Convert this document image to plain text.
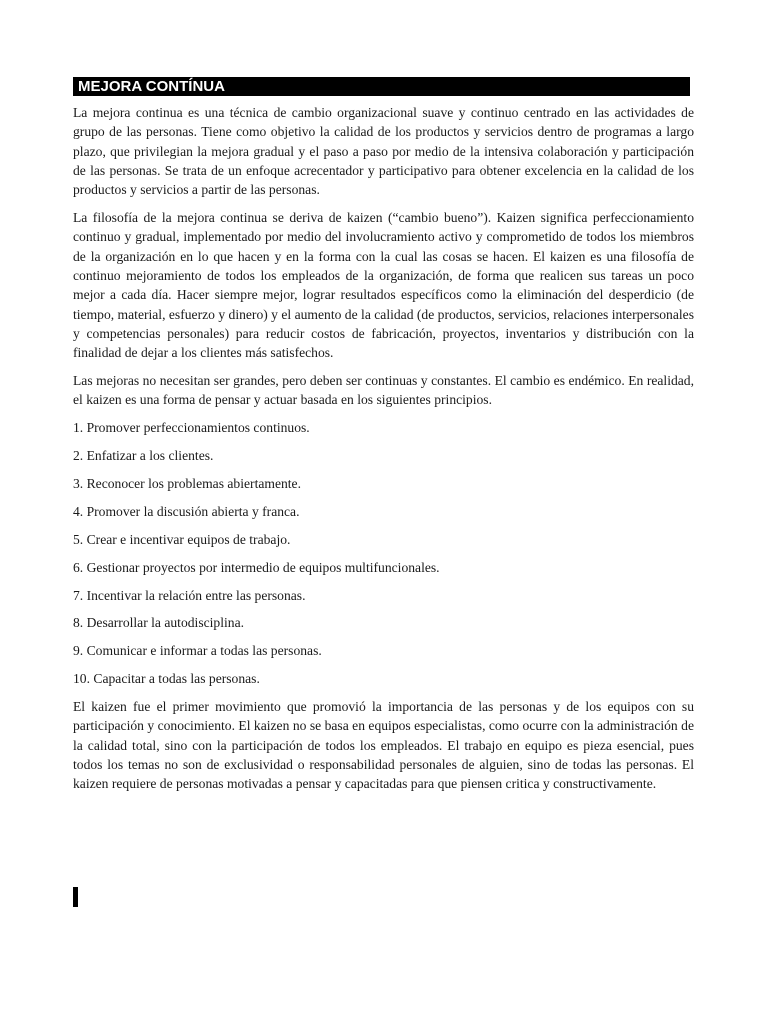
MEJORA CONTÍNUA

La mejora continua es una técnica de cambio organizacional suave y continuo centrado en las actividades de grupo de las personas. Tiene como objetivo la calidad de los productos y servicios dentro de programas a largo plazo, que privilegian la mejora gradual y el paso a paso por medio de la intensiva colaboración y participación de las personas. Se trata de un enfoque acrecentador y participativo para obtener excelencia en la calidad de los productos y servicios a partir de las personas.

La filosofía de la mejora continua se deriva de kaizen (“cambio bueno”). Kaizen significa perfeccionamiento continuo y gradual, implementado por medio del involucramiento activo y comprometido de todos los miembros de la organización en lo que hacen y en la forma con la cual las cosas se hacen. El kaizen es una filosofía de continuo mejoramiento de todos los empleados de la organización, de forma que realicen sus tareas un poco mejor a cada día. Hacer siempre mejor, lograr resultados específicos como la eliminación del desperdicio (de tiempo, material, esfuerzo y dinero) y el aumento de la calidad (de productos, servicios, relaciones interpersonales y competencias personales) para reducir costos de fabricación, proyectos, inventarios y distribución con la finalidad de dejar a los clientes más satisfechos.

Las mejoras no necesitan ser grandes, pero deben ser continuas y constantes. El cambio es endémico. En realidad, el kaizen es una forma de pensar y actuar basada en los siguientes principios.

1. Promover perfeccionamientos continuos.
2. Enfatizar a los clientes.
3. Reconocer los problemas abiertamente.
4. Promover la discusión abierta y franca.
5. Crear e incentivar equipos de trabajo.
6. Gestionar proyectos por intermedio de equipos multifuncionales.
7. Incentivar la relación entre las personas.
8. Desarrollar la autodisciplina.
9. Comunicar e informar a todas las personas.
10. Capacitar a todas las personas.

El kaizen fue el primer movimiento que promovió la importancia de las personas y de los equipos con su participación y conocimiento. El kaizen no se basa en equipos especialistas, como ocurre con la administración de la calidad total, sino con la participación de todos los empleados. El trabajo en equipo es pieza esencial, pues todos los temas no son de exclusividad o responsabilidad personales de alguien, sino de todas las personas. El kaizen requiere de personas motivadas a pensar y capacitadas para que piensen critica y constructivamente.
